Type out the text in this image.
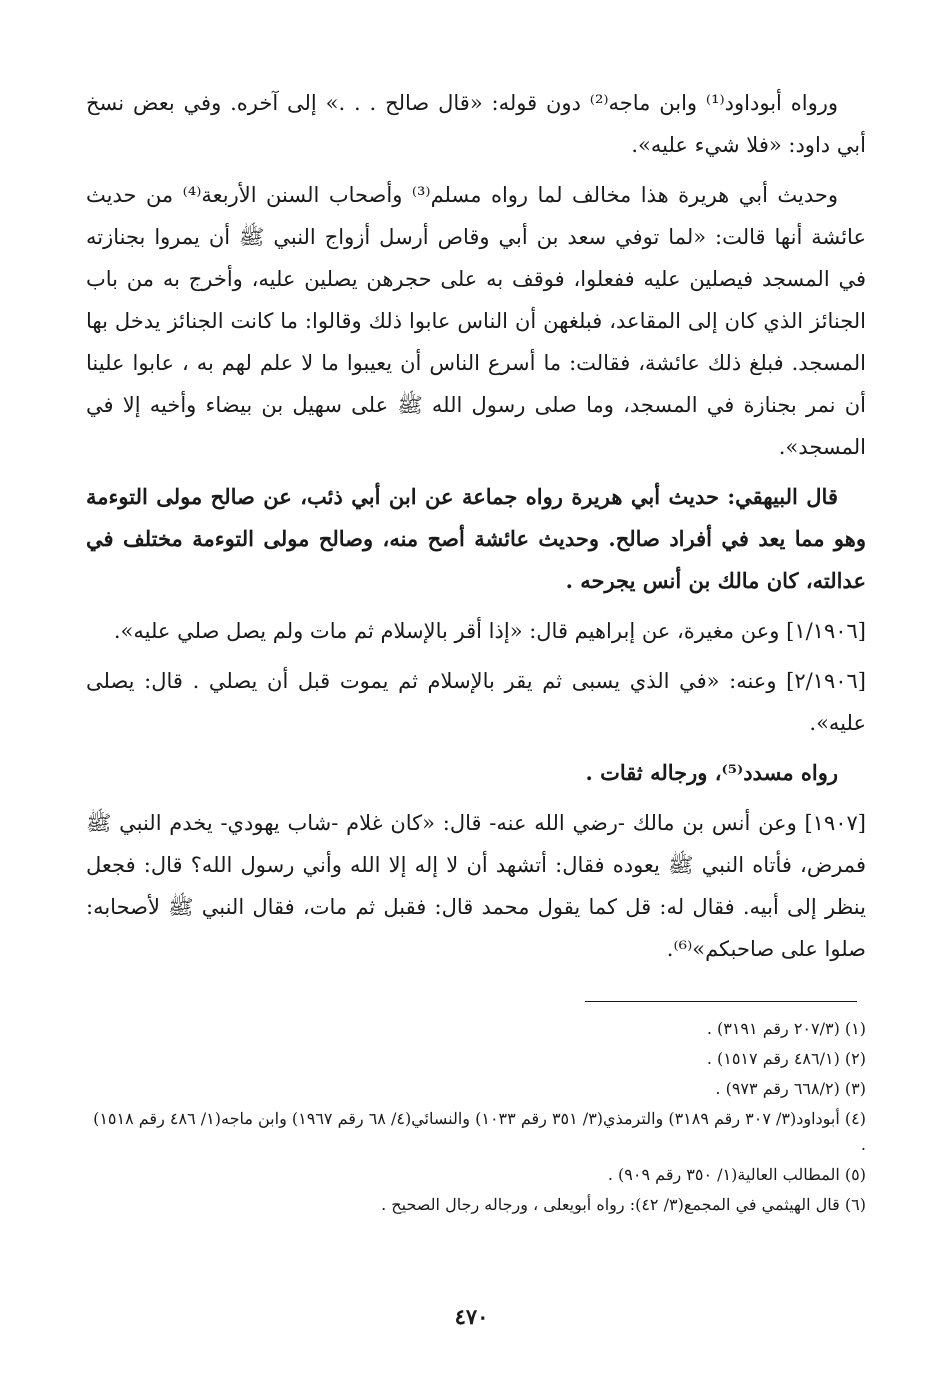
ورواه أبوداود⁽¹⁾ وابن ماجه⁽²⁾ دون قوله: «قال صالح . . .» إلى آخره. وفي بعض نسخ أبي داود: «فلا شيء عليه».

وحديث أبي هريرة هذا مخالف لما رواه مسلم⁽³⁾ وأصحاب السنن الأربعة⁽⁴⁾ من حديث عائشة أنها قالت: «لما توفي سعد بن أبي وقاص أرسل أزواج النبي ﷺ أن يمروا بجنازته في المسجد فيصلين عليه ففعلوا، فوقف به على حجرهن يصلين عليه، وأخرج به من باب الجنائز الذي كان إلى المقاعد، فبلغهن أن الناس عابوا ذلك وقالوا: ما كانت الجنائز يدخل بها المسجد. فبلغ ذلك عائشة، فقالت: ما أسرع الناس أن يعيبوا ما لا علم لهم به ، عابوا علينا أن نمر بجنازة في المسجد، وما صلى رسول الله ﷺ على سهيل بن بيضاء وأخيه إلا في المسجد».

قال البيهقي: حديث أبي هريرة رواه جماعة عن ابن أبي ذئب، عن صالح مولى التوءمة وهو مما يعد في أفراد صالح. وحديث عائشة أصح منه، وصالح مولى التوءمة مختلف في عدالته، كان مالك بن أنس يجرحه .

[١/١٩٠٦] وعن مغيرة، عن إبراهيم قال: «إذا أقر بالإسلام ثم مات ولم يصل صلي عليه».

[٢/١٩٠٦] وعنه: «في الذي يسبى ثم يقر بالإسلام ثم يموت قبل أن يصلي . قال: يصلى عليه».

رواه مسدد⁽⁵⁾، ورجاله ثقات .

[١٩٠٧] وعن أنس بن مالك -رضي الله عنه- قال: «كان غلام -شاب يهودي- يخدم النبي ﷺ فمرض، فأتاه النبي ﷺ يعوده فقال: أتشهد أن لا إله إلا الله وأني رسول الله؟ قال: فجعل ينظر إلى أبيه. فقال له: قل كما يقول محمد قال: فقبل ثم مات، فقال النبي ﷺ لأصحابه: صلوا على صاحبكم»⁽⁶⁾.

(١) (٢٠٧/٣ رقم ٣١٩١) .
(٢) (٤٨٦/١ رقم ١٥١٧) .
(٣) (٦٦٨/٢ رقم ٩٧٣) .
(٤) أبوداود(٣/ ٣٠٧ رقم ٣١٨٩) والترمذي(٣/ ٣٥١ رقم ١٠٣٣) والنسائي(٤/ ٦٨ رقم ١٩٦٧) وابن ماجه(١/ ٤٨٦ رقم ١٥١٨) .
(٥) المطالب العالية(١/ ٣٥٠ رقم ٩٠٩) .
(٦) قال الهيثمي في المجمع(٣/ ٤٢): رواه أبويعلى ، ورجاله رجال الصحيح .
٤٧٠
